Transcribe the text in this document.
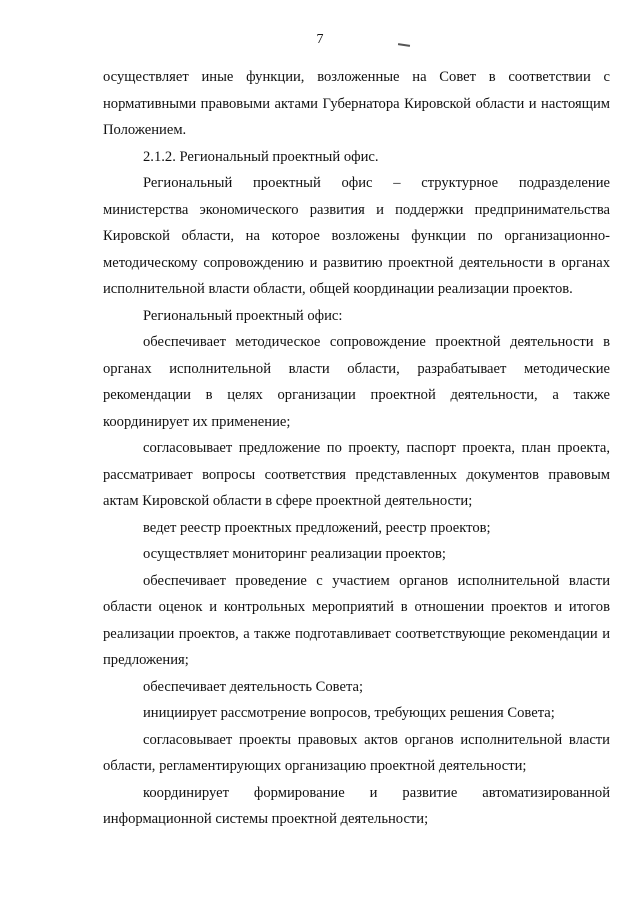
7

осуществляет иные функции, возложенные на Совет в соответствии с нормативными правовыми актами Губернатора Кировской области и настоящим Положением.

2.1.2. Региональный проектный офис.

Региональный проектный офис – структурное подразделение министерства экономического развития и поддержки предпринимательства Кировской области, на которое возложены функции по организационно-методическому сопровождению и развитию проектной деятельности в органах исполнительной власти области, общей координации реализации проектов.

Региональный проектный офис:

обеспечивает методическое сопровождение проектной деятельности в органах исполнительной власти области, разрабатывает методические рекомендации в целях организации проектной деятельности, а также координирует их применение;

согласовывает предложение по проекту, паспорт проекта, план проекта, рассматривает вопросы соответствия представленных документов правовым актам Кировской области в сфере проектной деятельности;

ведет реестр проектных предложений, реестр проектов;

осуществляет мониторинг реализации проектов;

обеспечивает проведение с участием органов исполнительной власти области оценок и контрольных мероприятий в отношении проектов и итогов реализации проектов, а также подготавливает соответствующие рекомендации и предложения;

обеспечивает деятельность Совета;

инициирует рассмотрение вопросов, требующих решения Совета;

согласовывает проекты правовых актов органов исполнительной власти области, регламентирующих организацию проектной деятельности;

координирует формирование и развитие автоматизированной информационной системы проектной деятельности;
